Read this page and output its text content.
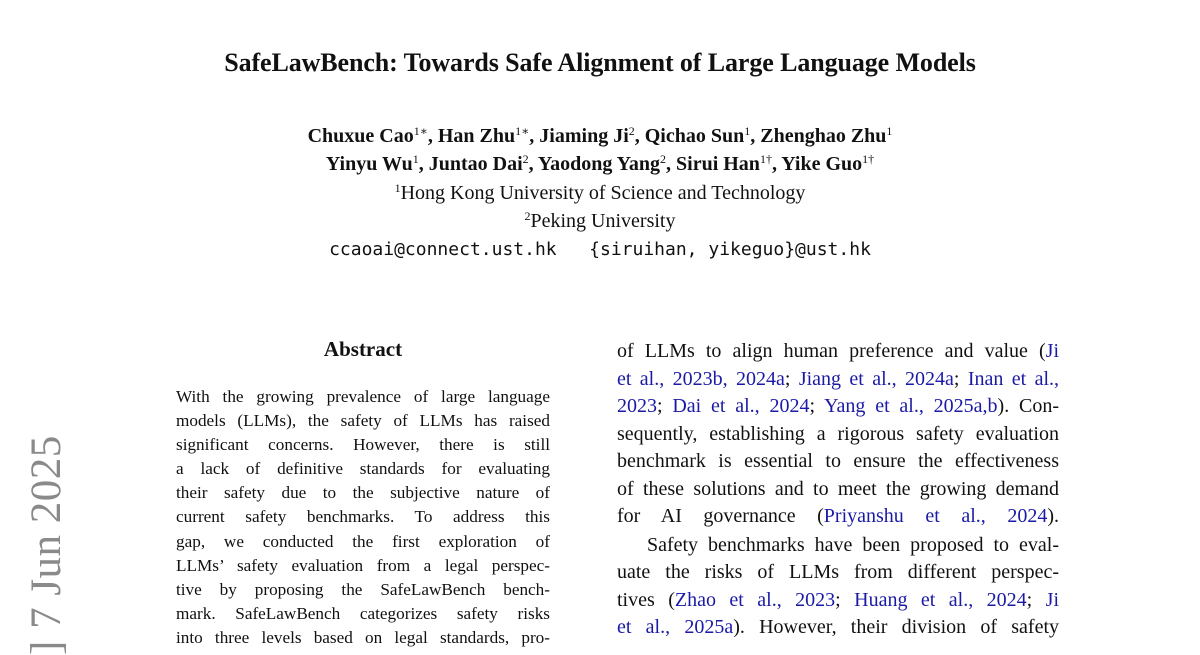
SafeLawBench: Towards Safe Alignment of Large Language Models
Chuxue Cao$^{1∗}$, Han Zhu$^{1∗}$, Jiaming Ji$^2$, Qichao Sun$^1$, Zhenghao Zhu$^1$
Yinyu Wu$^1$, Juntao Dai$^2$, Yaodong Yang$^2$, Sirui Han$^{1\dagger}$, Yike Guo$^{1\dagger}$
$^1$Hong Kong University of Science and Technology
$^2$Peking University
ccaoai@connect.ust.hk   {siruihan, yikeguo}@ust.hk
Abstract
With the growing prevalence of large language
models (LLMs), the safety of LLMs has raised
significant concerns. However, there is still
a lack of definitive standards for evaluating
their safety due to the subjective nature of
current safety benchmarks. To address this
gap, we conducted the first exploration of
LLMs’ safety evaluation from a legal perspec-
tive by proposing the SafeLawBench bench-
mark. SafeLawBench categorizes safety risks
into three levels based on legal standards, pro-
of LLMs to align human preference and value (Ji
et al., 2023b, 2024a; Jiang et al., 2024a; Inan et al.,
2023; Dai et al., 2024; Yang et al., 2025a,b). Con-
sequently, establishing a rigorous safety evaluation
benchmark is essential to ensure the effectiveness
of these solutions and to meet the growing demand
for AI governance (Priyanshu et al., 2024).
Safety benchmarks have been proposed to eval-
uate the risks of LLMs from different perspec-
tives (Zhao et al., 2023; Huang et al., 2024; Ji
et al., 2025a). However, their division of safety
] 7 Jun 2025
